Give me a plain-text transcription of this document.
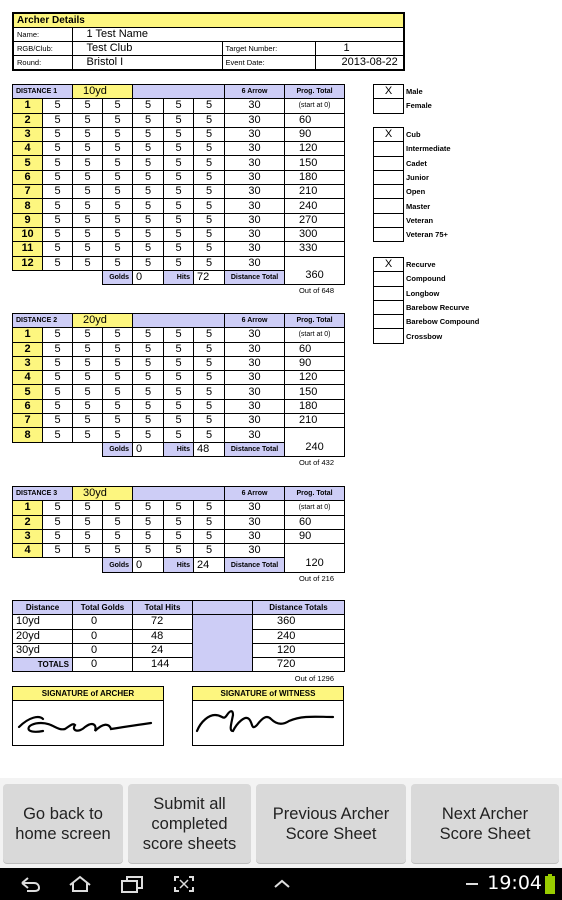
Archer Details			
Name:	1 Test Name		
RGB/Club:	Test Club	Target Number:	1
Round:	Bristol I	Event Date:	2013-08-22
DISTANCE 1		10yd					6 Arrow	Prog. Total
1	5	5	5	5	5	5	30	(start at 0)
2	5	5	5	5	5	5	30	60
3	5	5	5	5	5	5	30	90
4	5	5	5	5	5	5	30	120
5	5	5	5	5	5	5	30	150
6	5	5	5	5	5	5	30	180
7	5	5	5	5	5	5	30	210
8	5	5	5	5	5	5	30	240
9	5	5	5	5	5	5	30	270
10	5	5	5	5	5	5	30	300
11	5	5	5	5	5	5	30	330
12	5	5	5	5	5	5	30	360
			Golds	0	Hits	72	Distance Total	
Out of 648
DISTANCE 2		20yd					6 Arrow	Prog. Total
1	5	5	5	5	5	5	30	(start at 0)
2	5	5	5	5	5	5	30	60
3	5	5	5	5	5	5	30	90
4	5	5	5	5	5	5	30	120
5	5	5	5	5	5	5	30	150
6	5	5	5	5	5	5	30	180
7	5	5	5	5	5	5	30	210
8	5	5	5	5	5	5	30	240
			Golds	0	Hits	48	Distance Total	
Out of 432
DISTANCE 3		30yd					6 Arrow	Prog. Total
1	5	5	5	5	5	5	30	(start at 0)
2	5	5	5	5	5	5	30	60
3	5	5	5	5	5	5	30	90
4	5	5	5	5	5	5	30	120
			Golds	0	Hits	24	Distance Total	
Out of 216
Distance	Total Golds	Total Hits		Distance Totals
10yd	0	72		360
20yd	0	48		240
30yd	0	24		120
TOTALS	0	144		720
Out of 1296
X	Male
	Female
X	Cub
	Intermediate
	Cadet
	Junior
	Open
	Master
	Veteran
	Veteran 75+
X	Recurve
	Compound
	Longbow
	Barebow Recurve
	Barebow Compound
	Crossbow
SIGNATURE of ARCHER	SIGNATURE of WITNESS
Go back to home screen
Submit all completed score sheets
Previous Archer Score Sheet
Next Archer Score Sheet
19:04
